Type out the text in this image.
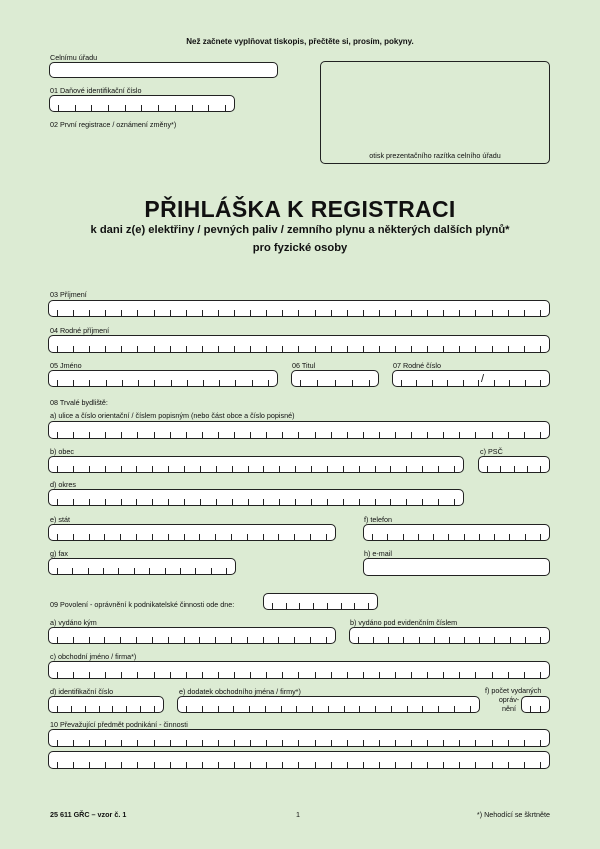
Než začnete vyplňovat tiskopis, přečtěte si, prosím, pokyny.
Celnímu úřadu
01 Daňové identifikační číslo
02 První registrace / oznámení změny*)
otisk prezentačního razítka celního úřadu
PŘIHLÁŠKA K REGISTRACI
k dani z(e) elektřiny / pevných paliv / zemního plynu a některých dalších plynů*
pro fyzické osoby
03 Příjmení
04 Rodné příjmení
05 Jméno	06 Titul	07 Rodné číslo
/
08 Trvalé bydliště:
a) ulice a číslo orientační / číslem popisným (nebo část obce a číslo popisné)
b) obec	c) PSČ
d) okres
e) stát	f) telefon
g) fax	h) e-mail
09 Povolení - oprávnění k podnikatelské činnosti ode dne:
a) vydáno kým	b) vydáno pod evidenčním číslem
c) obchodní jméno / firma*)
d) identifikační číslo	e) dodatek obchodního jména / firmy*)	f) počet vydaných
opráv-
nění
10 Převažující předmět podnikání - činnosti
25 611 GŘC – vzor č. 1	1	*) Nehodící se škrtněte
